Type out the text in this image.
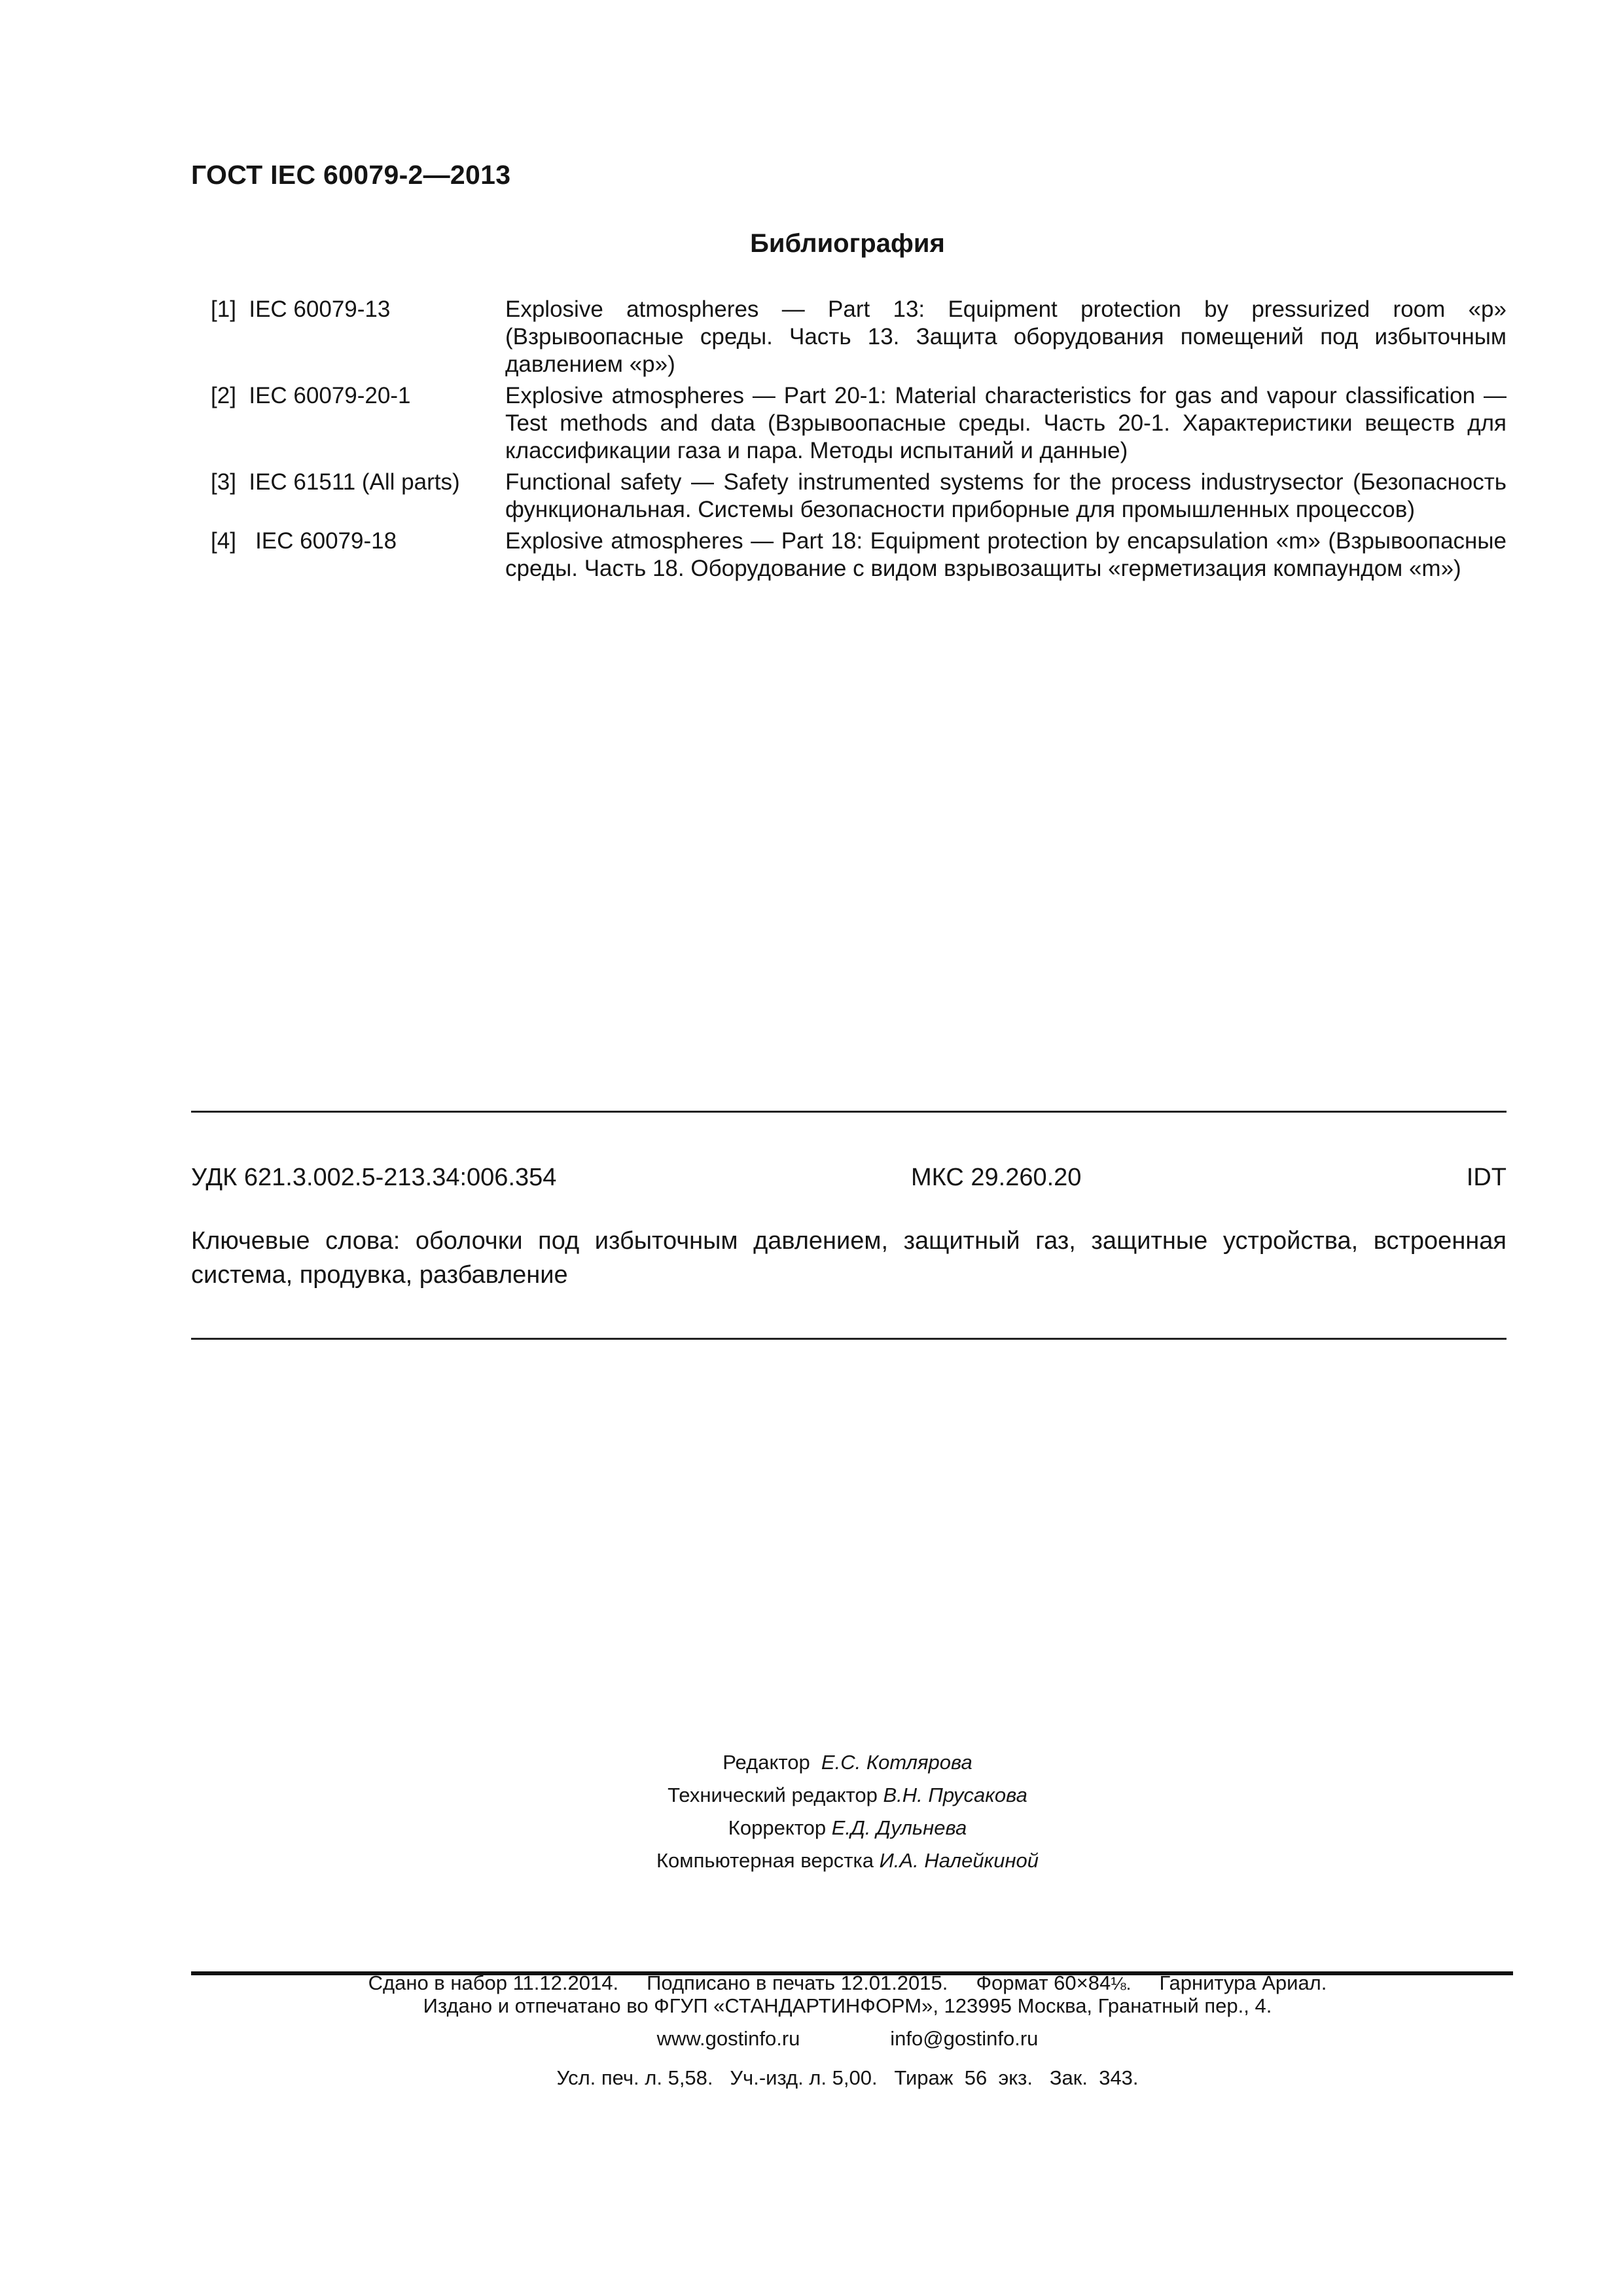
ГОСТ IEC 60079-2—2013
Библиография
[1]  IEC 60079-13	Explosive atmospheres — Part 13: Equipment protection by pressurized room «p» (Взрывоопасные среды. Часть 13. Защита оборудования помещений под избыточным давлением «p»)
[2]  IEC 60079-20-1	Explosive atmospheres — Part 20-1: Material characteristics for gas and vapour classification — Test methods and data (Взрывоопасные среды. Часть 20-1. Характеристики веществ для классификации газа и пара. Методы испытаний и данные)
[3]  IEC 61511 (All parts)	Functional safety — Safety instrumented systems for the process industrysector (Безопасность функциональная. Системы безопасности приборные для промышленных процессов)
[4]   IEC 60079-18	Explosive atmospheres — Part 18: Equipment protection by encapsulation «m» (Взрывоопасные среды. Часть 18. Оборудование с видом взрывозащиты «герметизация компаундом «m»)
УДК 621.3.002.5-213.34:006.354	МКС 29.260.20	IDT
Ключевые слова: оболочки под избыточным давлением, защитный газ, защитные устройства, встроенная система, продувка, разбавление
Редактор Е.С. Котлярова
Технический редактор В.Н. Прусакова
Корректор Е.Д. Дульнева
Компьютерная верстка И.А. Налейкиной

Сдано в набор 11.12.2014.     Подписано в печать 12.01.2015.     Формат 60×84⅛.     Гарнитура Ариал.

Усл. печ. л. 5,58.   Уч.-изд. л. 5,00.   Тираж  56  экз.   Зак.  343.

Издано и отпечатано во ФГУП «СТАНДАРТИНФОРМ», 123995 Москва, Гранатный пер., 4.
www.gostinfo.ru	info@gostinfo.ru
